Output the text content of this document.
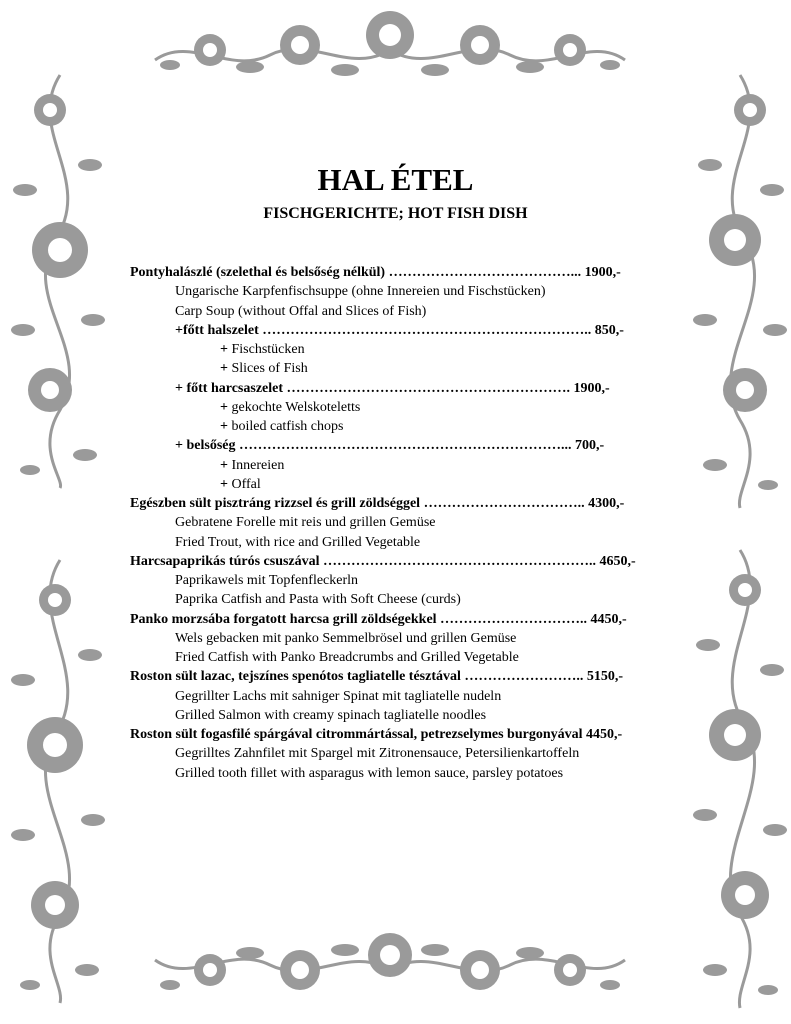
HAL ÉTEL
FISCHGERICHTE; HOT FISH DISH
Pontyhalászlé (szelethal és belsőség nélkül) …………………………………... 1900,-
Ungarische Karpfenfischsuppe (ohne Innereien und Fischstücken)
Carp Soup (without Offal and Slices of Fish)
+főtt halszelet …………………………………………………………….. 850,-
+ Fischstücken
+ Slices of Fish
+ főtt harcsaszelet ……………………………………………………. 1900,-
+ gekochte Welskoteletts
+ boiled catfish chops
+ belsőség ……………………………………………………………... 700,-
+ Innereien
+ Offal
Egészben sült pisztráng rizzsel és grill zöldséggel …………………………….. 4300,-
Gebratene Forelle mit reis und grillen Gemüse
Fried Trout, with rice and Grilled Vegetable
Harcsapaprikás túrós csuszával ………………………………………………….. 4650,-
Paprikawels mit Topfenfleckerln
Paprika Catfish and Pasta with Soft Cheese (curds)
Panko morzsába forgatott harcsa grill zöldségekkel ………………………….. 4450,-
Wels gebacken mit panko Semmelbrösel und grillen Gemüse
Fried Catfish with Panko Breadcrumbs and Grilled Vegetable
Roston sült lazac, tejszínes spenótos tagliatelle tésztával …………………….. 5150,-
Gegrillter Lachs mit sahniger Spinat mit tagliatelle nudeln
Grilled Salmon with creamy spinach tagliatelle noodles
Roston sült fogasfilé spárgával citrommártással, petrezselymes burgonyával 4450,-
Gegrilltes Zahnfilet mit Spargel mit Zitronensauce, Petersilienkartoffeln
Grilled tooth fillet with asparagus with lemon sauce, parsley potatoes
